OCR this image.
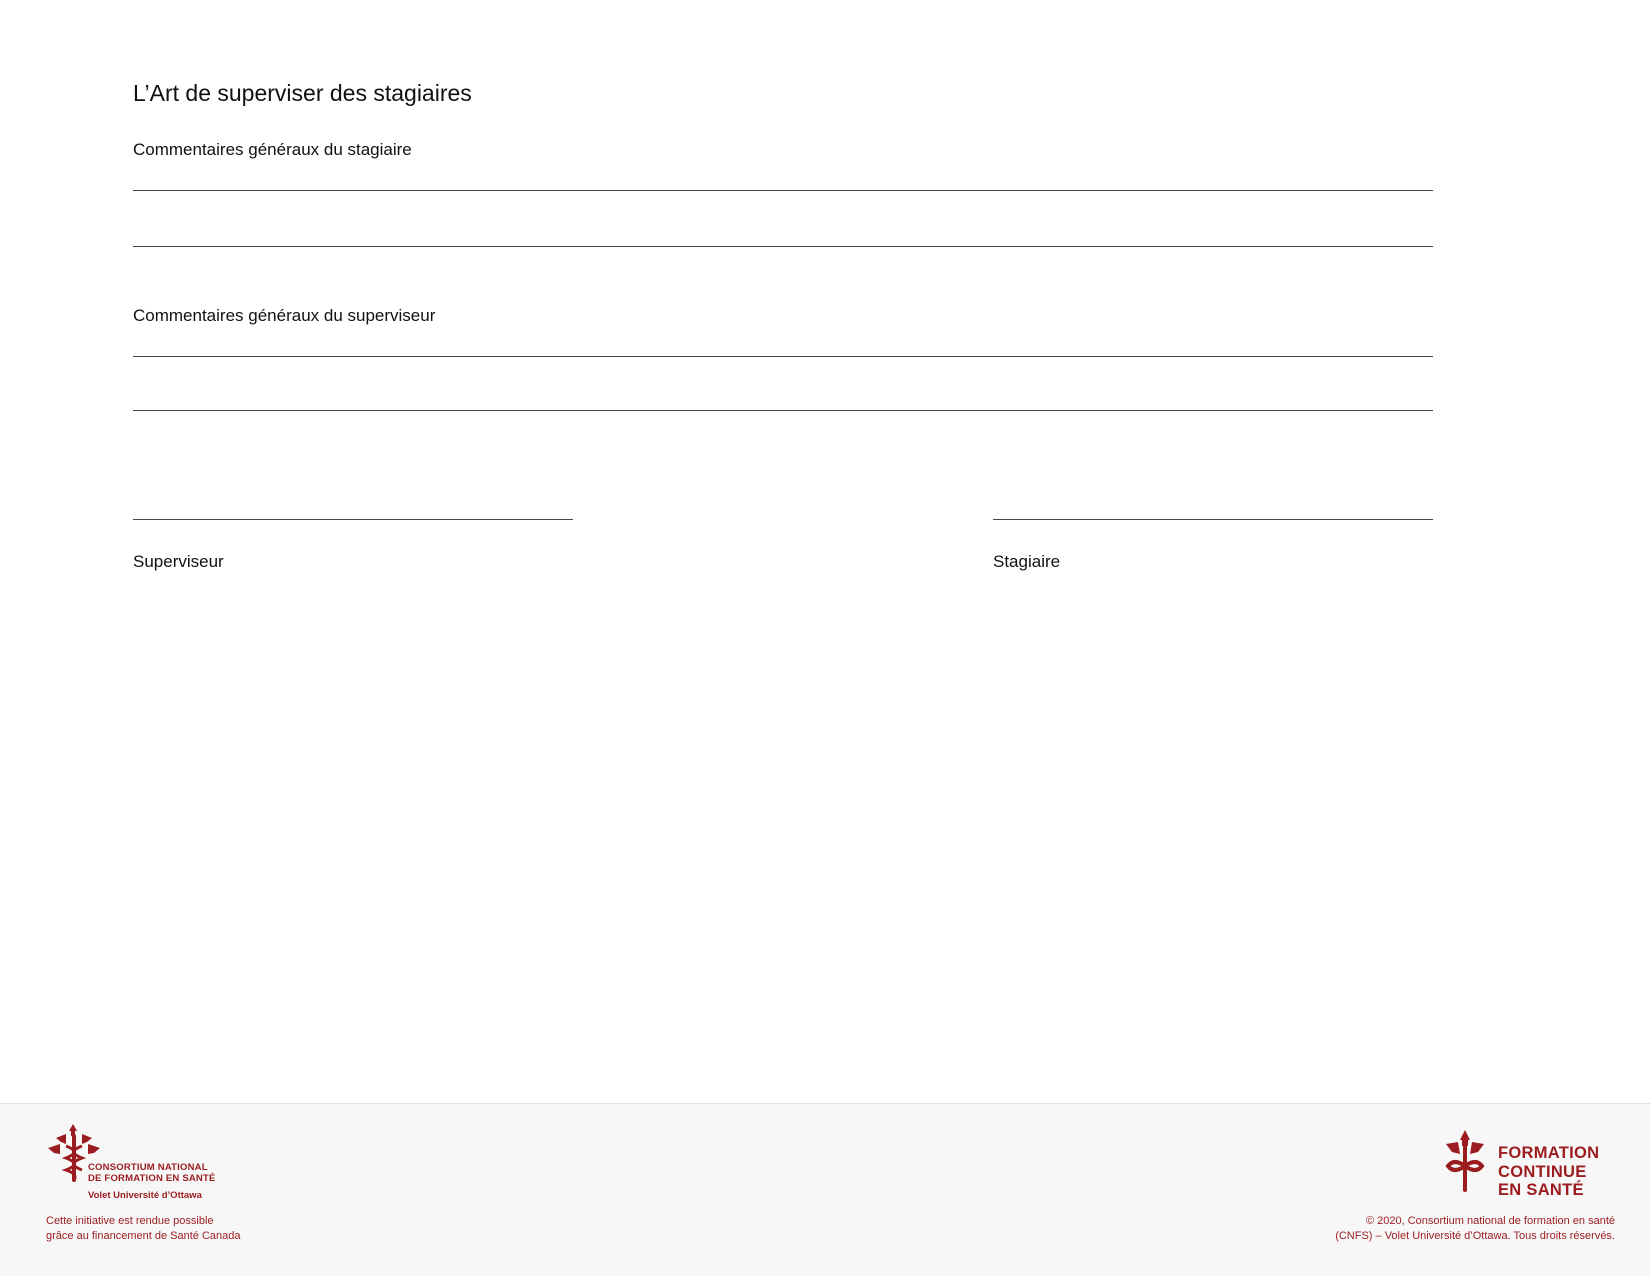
L’Art de superviser des stagiaires
Commentaires généraux du stagiaire
Commentaires généraux du superviseur
Superviseur	Stagiaire
CONSORTIUM NATIONAL
DE FORMATION EN SANTÉ
Volet Université d’Ottawa
Cette initiative est rendue possible
grâce au financement de Santé Canada
FORMATION
CONTINUE
EN SANTÉ
© 2020, Consortium national de formation en santé
(CNFS) – Volet Université d’Ottawa. Tous droits réservés.
